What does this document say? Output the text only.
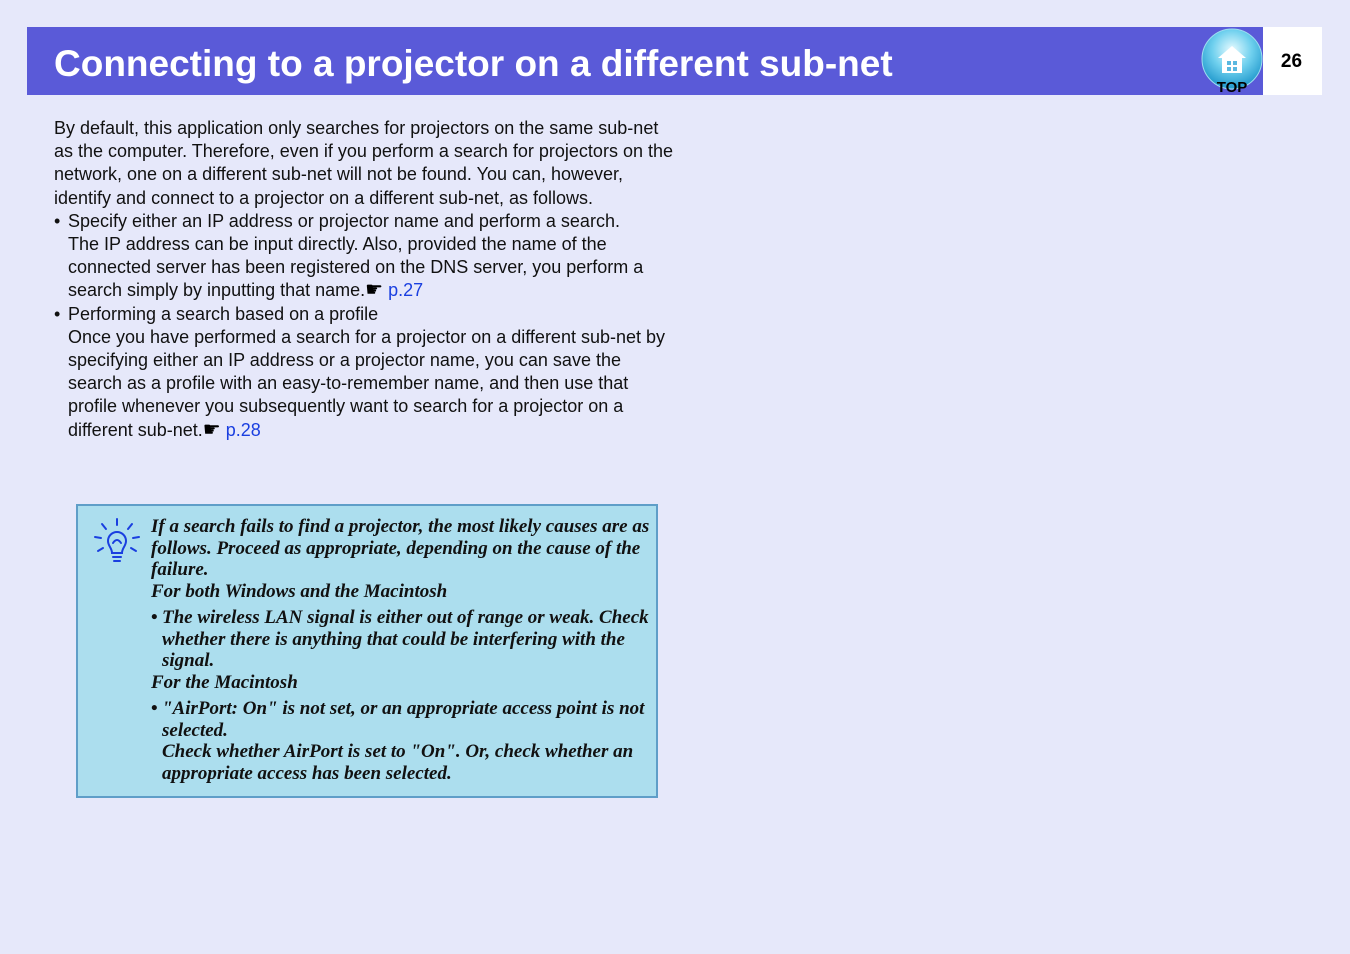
Connecting to a projector on a different sub-net
TOP
26

By default, this application only searches for projectors on the same sub-net as the computer. Therefore, even if you perform a search for projectors on the network, one on a different sub-net will not be found. You can, however, identify and connect to a projector on a different sub-net, as follows.

• Specify either an IP address or projector name and perform a search.

The IP address can be input directly. Also, provided the name of the connected server has been registered on the DNS server, you perform a search simply by inputting that name.☛ p.27

• Performing a search based on a profile

Once you have performed a search for a projector on a different sub-net by specifying either an IP address or a projector name, you can save the search as a profile with an easy-to-remember name, and then use that profile whenever you subsequently want to search for a projector on a different sub-net.☛ p.28

If a search fails to find a projector, the most likely causes are as follows. Proceed as appropriate, depending on the cause of the failure.

For both Windows and the Macintosh

• The wireless LAN signal is either out of range or weak. Check whether there is anything that could be interfering with the signal.

For the Macintosh

• "AirPort: On" is not set, or an appropriate access point is not selected.

Check whether AirPort is set to "On". Or, check whether an appropriate access has been selected.
